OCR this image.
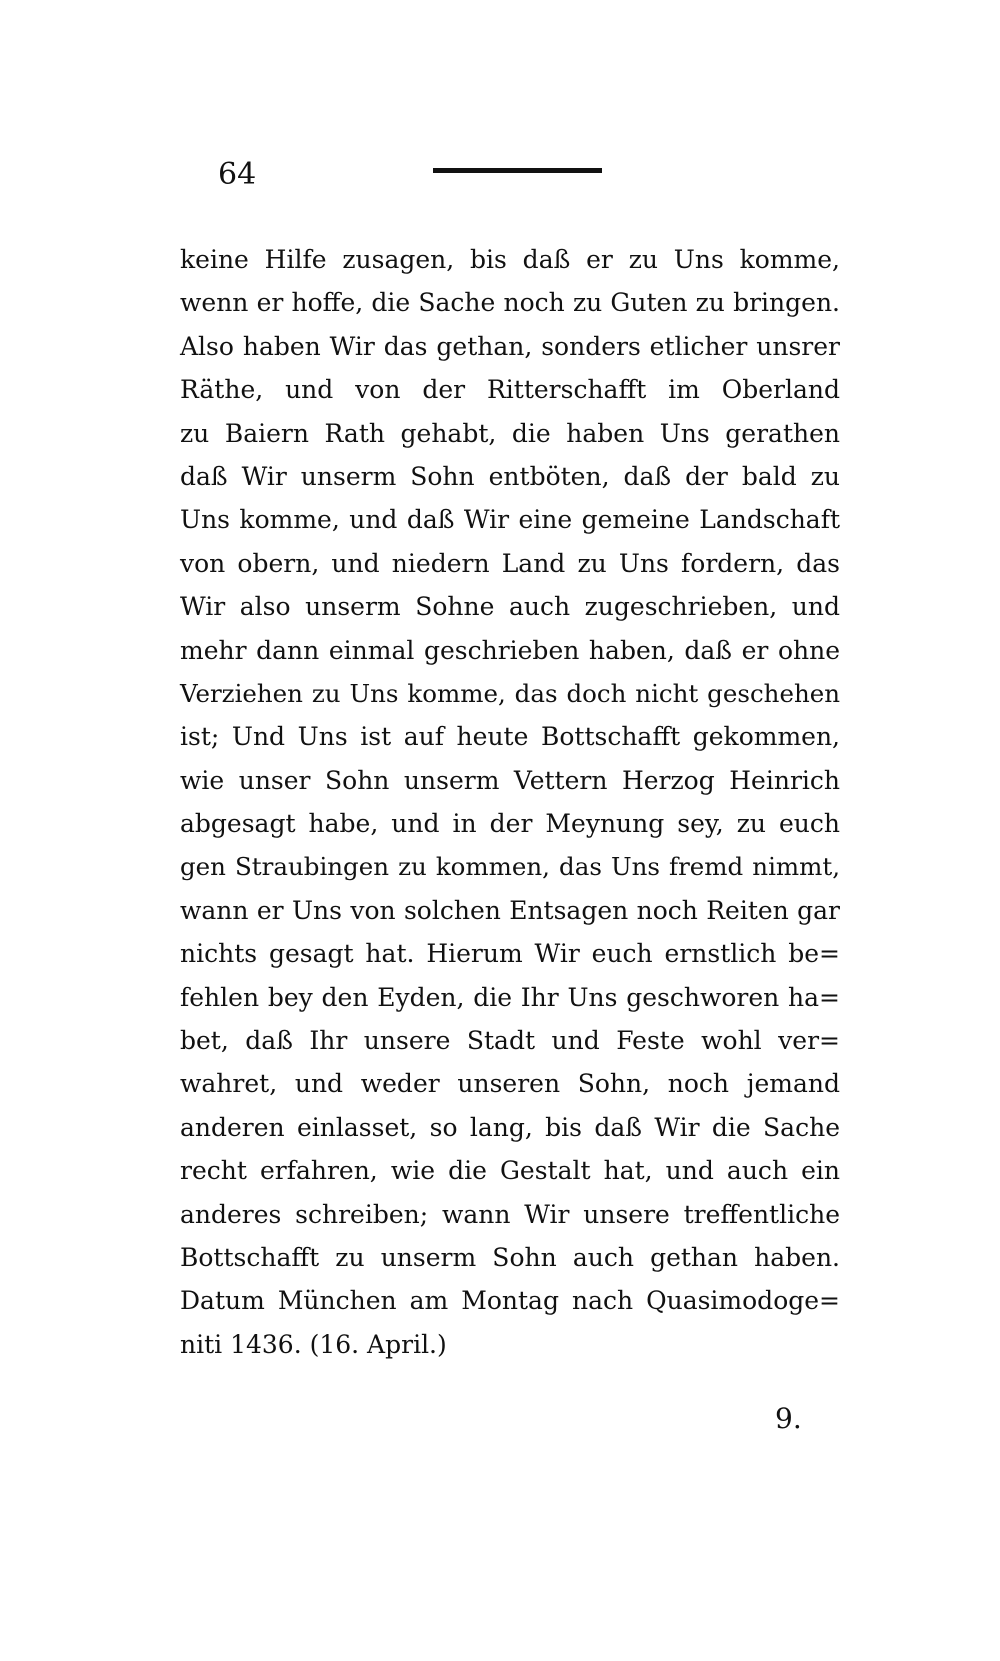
64
keine Hilfe zusagen, bis daß er zu Uns komme,
wenn er hoffe, die Sache noch zu Guten zu bringen.
Also haben Wir das gethan, sonders etlicher unsrer
Räthe, und von der Ritterschafft im Oberland
zu Baiern Rath gehabt, die haben Uns gerathen
daß Wir unserm Sohn entböten, daß der bald zu
Uns komme, und daß Wir eine gemeine Landschaft
von obern, und niedern Land zu Uns fordern, das
Wir also unserm Sohne auch zugeschrieben, und
mehr dann einmal geschrieben haben, daß er ohne
Verziehen zu Uns komme, das doch nicht geschehen
ist; Und Uns ist auf heute Bottschafft gekommen,
wie unser Sohn unserm Vettern Herzog Heinrich
abgesagt habe, und in der Meynung sey, zu euch
gen Straubingen zu kommen, das Uns fremd nimmt,
wann er Uns von solchen Entsagen noch Reiten gar
nichts gesagt hat. Hierum Wir euch ernstlich be=
fehlen bey den Eyden, die Ihr Uns geschworen ha=
bet, daß Ihr unsere Stadt und Feste wohl ver=
wahret, und weder unseren Sohn, noch jemand
anderen einlasset, so lang, bis daß Wir die Sache
recht erfahren, wie die Gestalt hat, und auch ein
anderes schreiben; wann Wir unsere treffentliche
Bottschafft zu unserm Sohn auch gethan haben.
Datum München am Montag nach Quasimodoge=
niti 1436. (16. April.)
9.
